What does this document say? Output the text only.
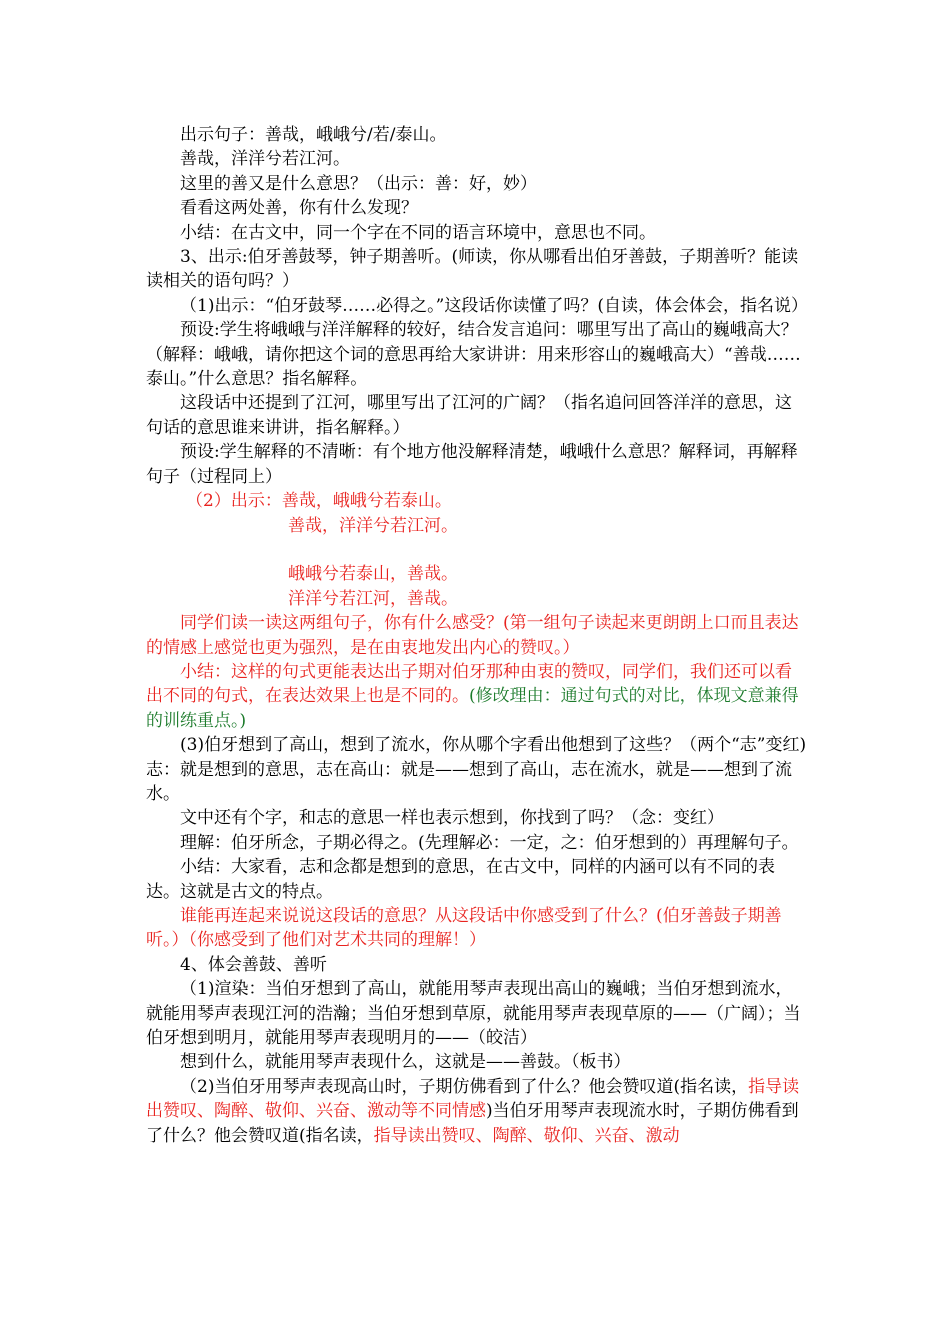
出示句子：善哉，峨峨兮/若/泰山。

善哉，洋洋兮若江河。

这里的善又是什么意思？（出示：善：好，妙）

看看这两处善，你有什么发现？

小结：在古文中，同一个字在不同的语言环境中，意思也不同。

3、出示:伯牙善鼓琴，钟子期善听。(师读，你从哪看出伯牙善鼓，子期善听？能读读相关的语句吗？）

（1)出示：“伯牙鼓琴……必得之。”这段话你读懂了吗？(自读，体会体会，指名说）

预设:学生将峨峨与洋洋解释的较好，结合发言追问：哪里写出了高山的巍峨高大？（解释：峨峨，请你把这个词的意思再给大家讲讲：用来形容山的巍峨高大）“善哉……泰山。”什么意思？指名解释。

这段话中还提到了江河，哪里写出了江河的广阔？（指名追问回答洋洋的意思，这句话的意思谁来讲讲，指名解释。）

预设:学生解释的不清晰：有个地方他没解释清楚，峨峨什么意思？解释词，再解释句子（过程同上）

（2）出示：善哉，峨峨兮若泰山。

善哉，洋洋兮若江河。

峨峨兮若泰山，善哉。

洋洋兮若江河，善哉。

同学们读一读这两组句子，你有什么感受？(第一组句子读起来更朗朗上口而且表达的情感上感觉也更为强烈，是在由衷地发出内心的赞叹。）

小结：这样的句式更能表达出子期对伯牙那种由衷的赞叹，同学们，我们还可以看出不同的句式，在表达效果上也是不同的。(修改理由：通过句式的对比，体现文意兼得的训练重点。)

(3)伯牙想到了高山，想到了流水，你从哪个字看出他想到了这些？（两个“志”变红)志：就是想到的意思，志在高山：就是——想到了高山，志在流水，就是——想到了流水。

文中还有个字，和志的意思一样也表示想到，你找到了吗？（念：变红）

理解：伯牙所念，子期必得之。(先理解必：一定，之：伯牙想到的）再理解句子。

小结：大家看，志和念都是想到的意思，在古文中，同样的内涵可以有不同的表达。这就是古文的特点。

谁能再连起来说说这段话的意思？从这段话中你感受到了什么？(伯牙善鼓子期善听。）（你感受到了他们对艺术共同的理解！）

4、体会善鼓、善听

（1)渲染：当伯牙想到了高山，就能用琴声表现出高山的巍峨；当伯牙想到流水，就能用琴声表现江河的浩瀚；当伯牙想到草原，就能用琴声表现草原的——（广阔）；当伯牙想到明月，就能用琴声表现明月的——（皎洁）

想到什么，就能用琴声表现什么，这就是——善鼓。（板书）

（2)当伯牙用琴声表现高山时，子期仿佛看到了什么？他会赞叹道(指名读，指导读出赞叹、陶醉、敬仰、兴奋、激动等不同情感)当伯牙用琴声表现流水时，子期仿佛看到了什么？他会赞叹道(指名读，指导读出赞叹、陶醉、敬仰、兴奋、激动
